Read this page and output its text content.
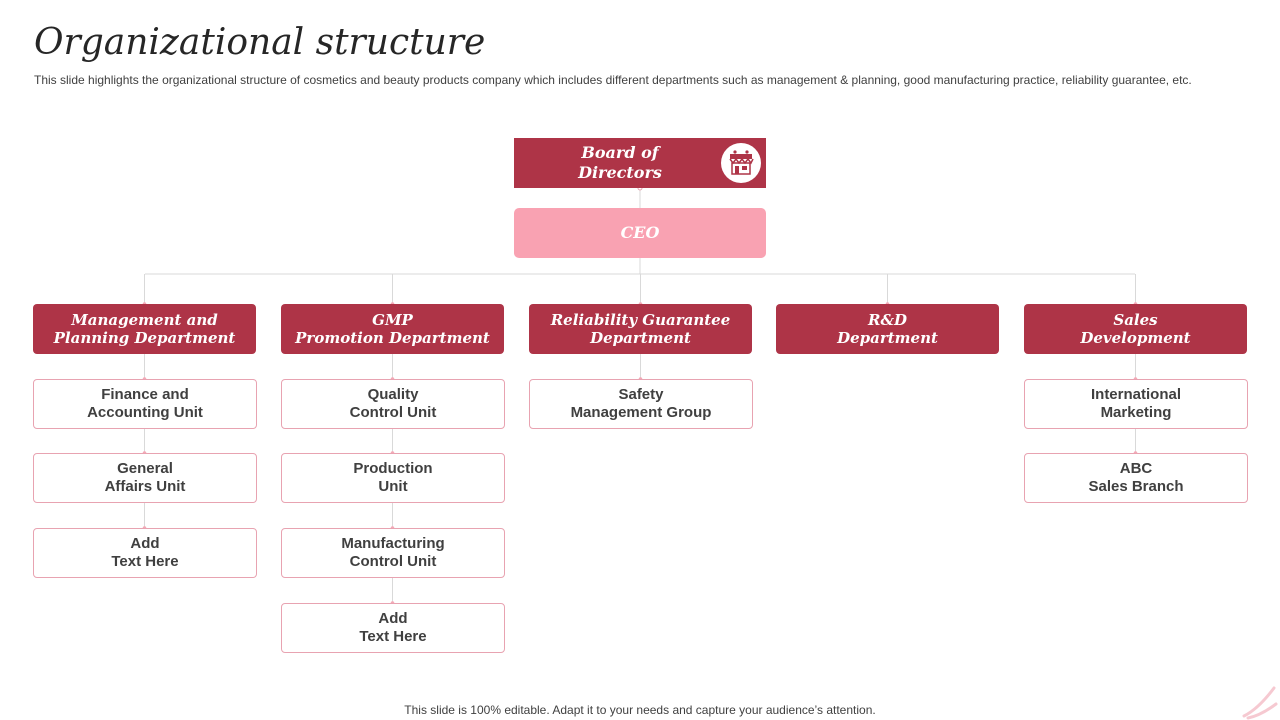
Organizational structure
This slide highlights the organizational structure of cosmetics and beauty products company which includes different departments such as management & planning, good manufacturing practice, reliability guarantee, etc.
Board of
Directors
CEO
Management and
Planning Department
Finance and
Accounting Unit
General
Affairs Unit
Add
Text Here
GMP
Promotion Department
Quality
Control Unit
Production
Unit
Manufacturing
Control Unit
Add
Text Here
Reliability Guarantee
Department
Safety
Management Group
R&D
Department
Sales
Development
International
Marketing
ABC
Sales Branch
This slide is 100% editable. Adapt it to your needs and capture your audience’s attention.
